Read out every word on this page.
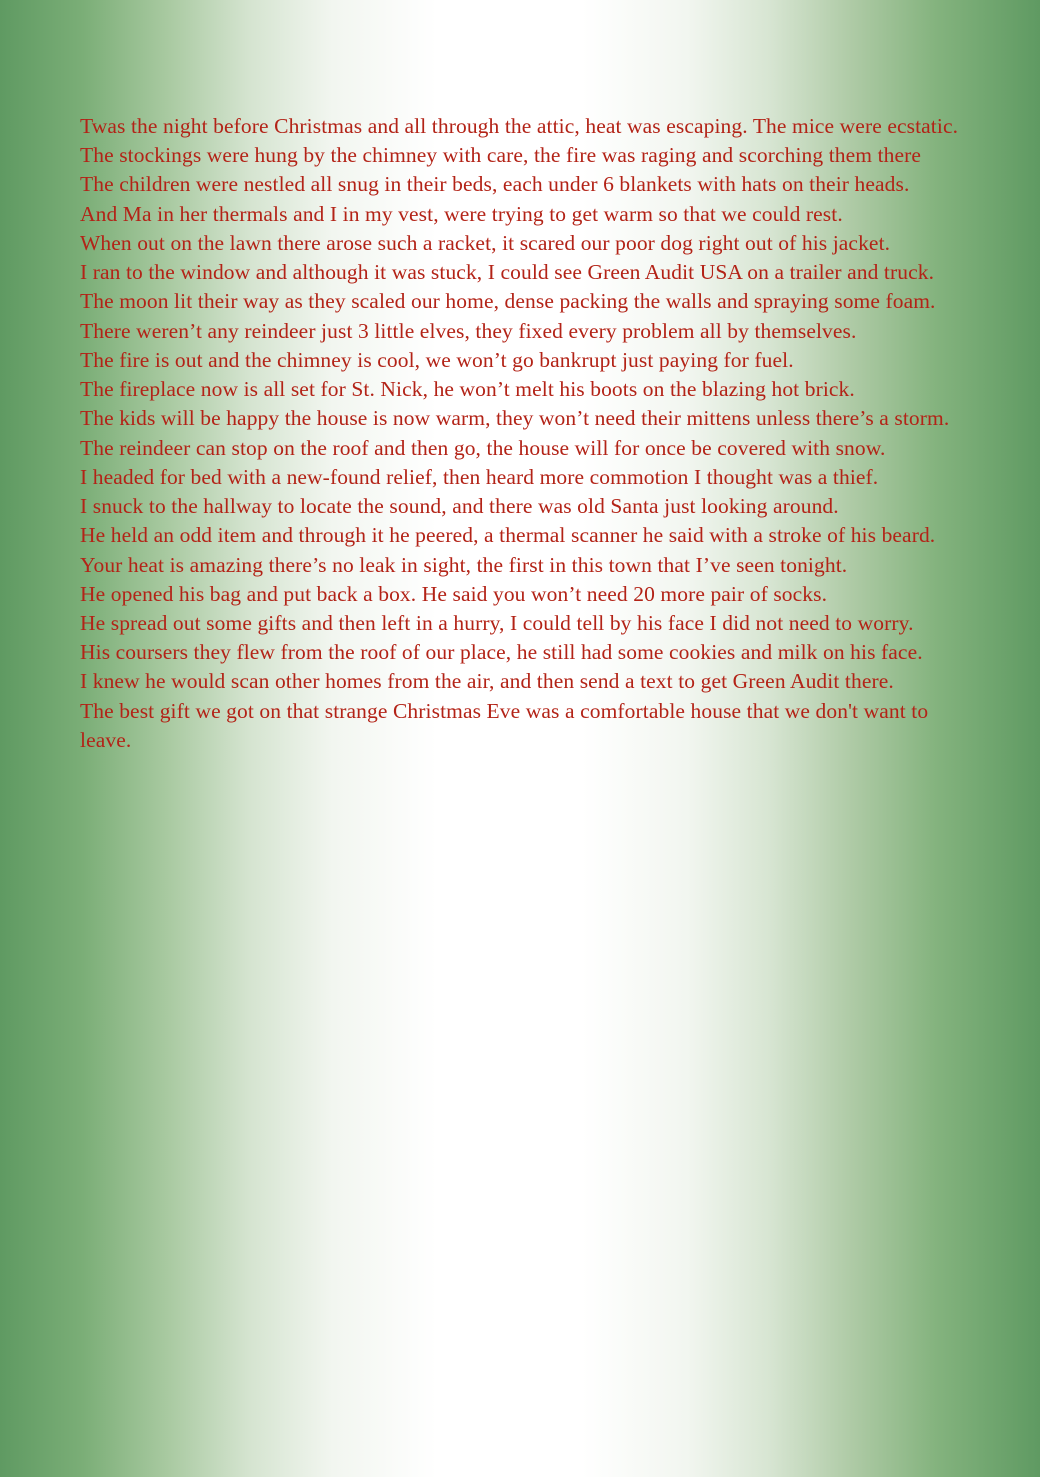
Twas the night before Christmas and all through the attic, heat was escaping. The mice were ecstatic.

The stockings were hung by the chimney with care, the fire was raging and scorching them there

The children were nestled all snug in their beds, each under 6 blankets with hats on their heads.

And Ma in her thermals and I in my vest, were trying to get warm so that we could rest.

When out on the lawn there arose such a racket, it scared our poor dog right out of his jacket.

I ran to the window and although it was stuck, I could see Green Audit USA on a trailer and truck.

The moon lit their way as they scaled our home, dense packing the walls and spraying some foam.

There weren’t any reindeer just 3 little elves, they fixed every problem all by themselves.

The fire is out and the chimney is cool, we won’t go bankrupt just paying for fuel.

The fireplace now is all set for St. Nick, he won’t melt his boots on the blazing hot brick.

The kids will be happy the house is now warm, they won’t need their mittens unless there’s a storm.

The reindeer can stop on the roof and then go, the house will for once be covered with snow.

I headed for bed with a new-found relief, then heard more commotion I thought was a thief.

I snuck to the hallway to locate the sound, and there was old Santa just looking around.

He held an odd item and through it he peered, a thermal scanner he said with a stroke of his beard.

Your heat is amazing there’s no leak in sight, the first in this town that I’ve seen tonight.

He opened his bag and put back a box. He said you won’t need 20 more pair of socks.

He spread out some gifts and then left in a hurry, I could tell by his face I did not need to worry.

His coursers they flew from the roof of our place, he still had some cookies and milk on his face.

I knew he would scan other homes from the air, and then send a text to get Green Audit there.

The best gift we got on that strange Christmas Eve was a comfortable house that we don't want to leave.
